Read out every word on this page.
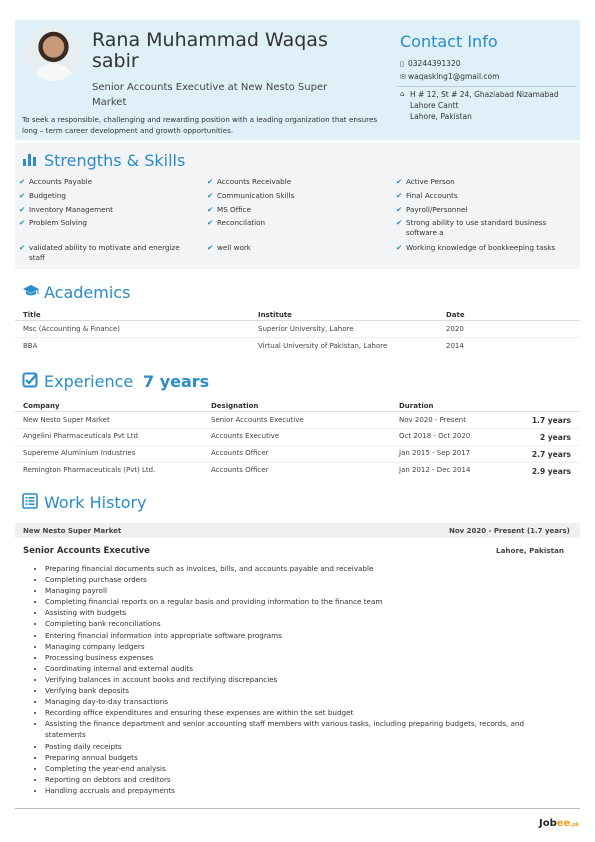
Rana Muhammad Waqas sabir
Senior Accounts Executive at New Nesto Super Market
To seek a responsible, challenging and rewarding position with a leading organization that ensures long – term career development and growth opportunities.
Contact Info
▯ 03244391320
✉ waqasking1@gmail.com
⌂ H # 12, St # 24, Ghaziabad Nizamabad
Lahore Cantt
Lahore, Pakistan
Strengths & Skills
✔ Accounts Payable	✔ Accounts Receivable	✔ Active Person
✔ Budgeting	✔ Communication Skills	✔ Final Accounts
✔ Inventory Management	✔ MS Office	✔ Payroll/Personnel
✔ Problem Solving	✔ Reconcilation	✔ Strong ability to use standard business software a
✔ validated ability to motivate and energize staff
✔ well work	✔ Working knowledge of bookkeeping tasks
Academics
Title	Institute	Date
Msc (Accounting & Finance)	Superior University, Lahore	2020
BBA	Virtual University of Pakistan, Lahore	2014
Experience 7 years
Company	Designation	Duration
New Nesto Super Market	Senior Accounts Executive	Nov 2020 - Present	1.7 years
Angelini Pharmaceuticals Pvt Ltd	Accounts Executive	Oct 2018 - Oct 2020	2 years
Supereme Aluminium Industries	Accounts Officer	Jan 2015 - Sep 2017	2.7 years
Remington Pharmaceuticals (Pvt) Ltd.	Accounts Officer	Jan 2012 - Dec 2014	2.9 years
Work History
New Nesto Super Market	Nov 2020 - Present (1.7 years)
Senior Accounts Executive	Lahore, Pakistan
• Preparing financial documents such as invoices, bills, and accounts payable and receivable
• Completing purchase orders
• Managing payroll
• Completing financial reports on a regular basis and providing information to the finance team
• Assisting with budgets
• Completing bank reconciliations
• Entering financial information into appropriate software programs
• Managing company ledgers
• Processing business expenses
• Coordinating internal and external audits
• Verifying balances in account books and rectifying discrepancies
• Verifying bank deposits
• Managing day-to-day transactions
• Recording office expenditures and ensuring these expenses are within the set budget
• Assisting the finance department and senior accounting staff members with various tasks, including preparing budgets, records, and statements
• Posting daily receipts
• Preparing annual budgets
• Completing the year-end analysis
• Reporting on debtors and creditors
• Handling accruals and prepayments
Jobee.pk
